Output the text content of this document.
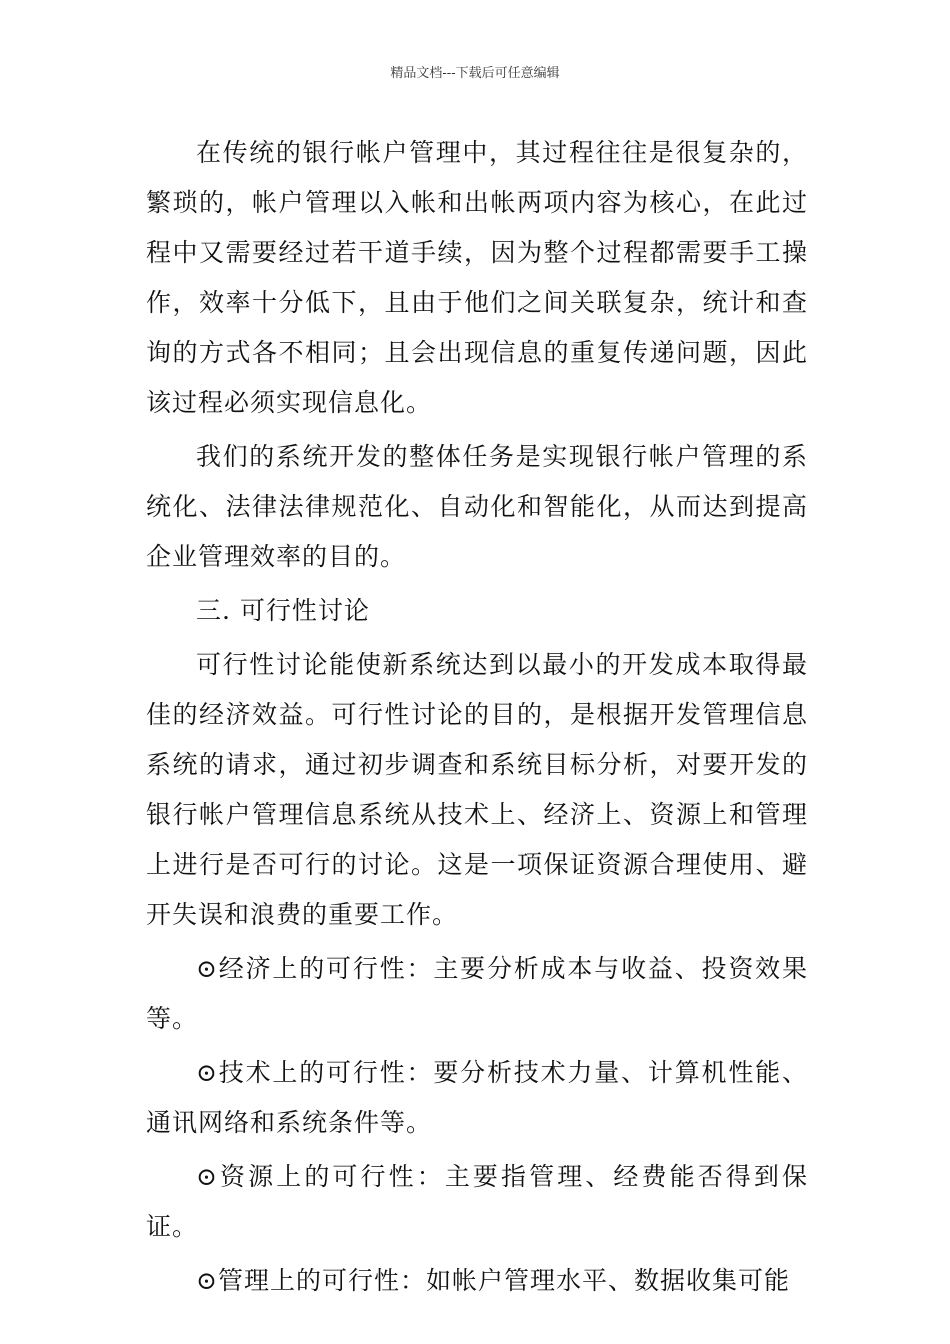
精品文档---下载后可任意编辑

在传统的银行帐户管理中，其过程往往是很复杂的，繁琐的，帐户管理以入帐和出帐两项内容为核心，在此过程中又需要经过若干道手续，因为整个过程都需要手工操作，效率十分低下，且由于他们之间关联复杂，统计和查询的方式各不相同；且会出现信息的重复传递问题，因此该过程必须实现信息化。

我们的系统开发的整体任务是实现银行帐户管理的系统化、法律法律规范化、自动化和智能化，从而达到提高企业管理效率的目的。

三. 可行性讨论

可行性讨论能使新系统达到以最小的开发成本取得最佳的经济效益。可行性讨论的目的，是根据开发管理信息系统的请求，通过初步调查和系统目标分析，对要开发的银行帐户管理信息系统从技术上、经济上、资源上和管理上进行是否可行的讨论。这是一项保证资源合理使用、避开失误和浪费的重要工作。

⊙经济上的可行性：主要分析成本与收益、投资效果等。

⊙技术上的可行性：要分析技术力量、计算机性能、通讯网络和系统条件等。

⊙资源上的可行性：主要指管理、经费能否得到保证。

⊙管理上的可行性：如帐户管理水平、数据收集可能
